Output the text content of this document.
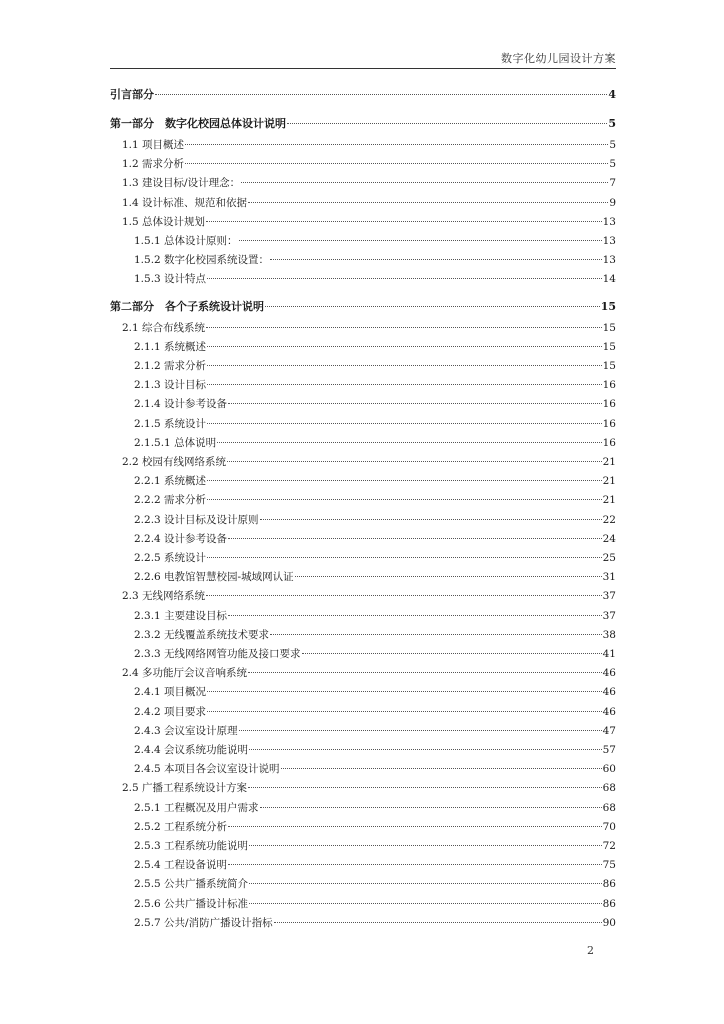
数字化幼儿园设计方案
引言部分	4
第一部分　数字化校园总体设计说明	5
1.1 项目概述	5
1.2 需求分析	5
1.3 建设目标/设计理念：	7
1.4 设计标准、规范和依据	9
1.5 总体设计规划	13
1.5.1 总体设计原则：	13
1.5.2 数字化校园系统设置：	13
1.5.3 设计特点	14
第二部分　各个子系统设计说明	15
2.1 综合布线系统	15
2.1.1 系统概述	15
2.1.2 需求分析	15
2.1.3 设计目标	16
2.1.4 设计参考设备	16
2.1.5 系统设计	16
2.1.5.1 总体说明	16
2.2 校园有线网络系统	21
2.2.1 系统概述	21
2.2.2 需求分析	21
2.2.3 设计目标及设计原则	22
2.2.4 设计参考设备	24
2.2.5 系统设计	25
2.2.6 电教馆智慧校园-城域网认证	31
2.3 无线网络系统	37
2.3.1 主要建设目标	37
2.3.2 无线覆盖系统技术要求	38
2.3.3 无线网络网管功能及接口要求	41
2.4 多功能厅会议音响系统	46
2.4.1 项目概况	46
2.4.2 项目要求	46
2.4.3 会议室设计原理	47
2.4.4 会议系统功能说明	57
2.4.5 本项目各会议室设计说明	60
2.5 广播工程系统设计方案	68
2.5.1 工程概况及用户需求	68
2.5.2 工程系统分析	70
2.5.3 工程系统功能说明	72
2.5.4 工程设备说明	75
2.5.5 公共广播系统简介	86
2.5.6 公共广播设计标准	86
2.5.7 公共/消防广播设计指标	90
2
